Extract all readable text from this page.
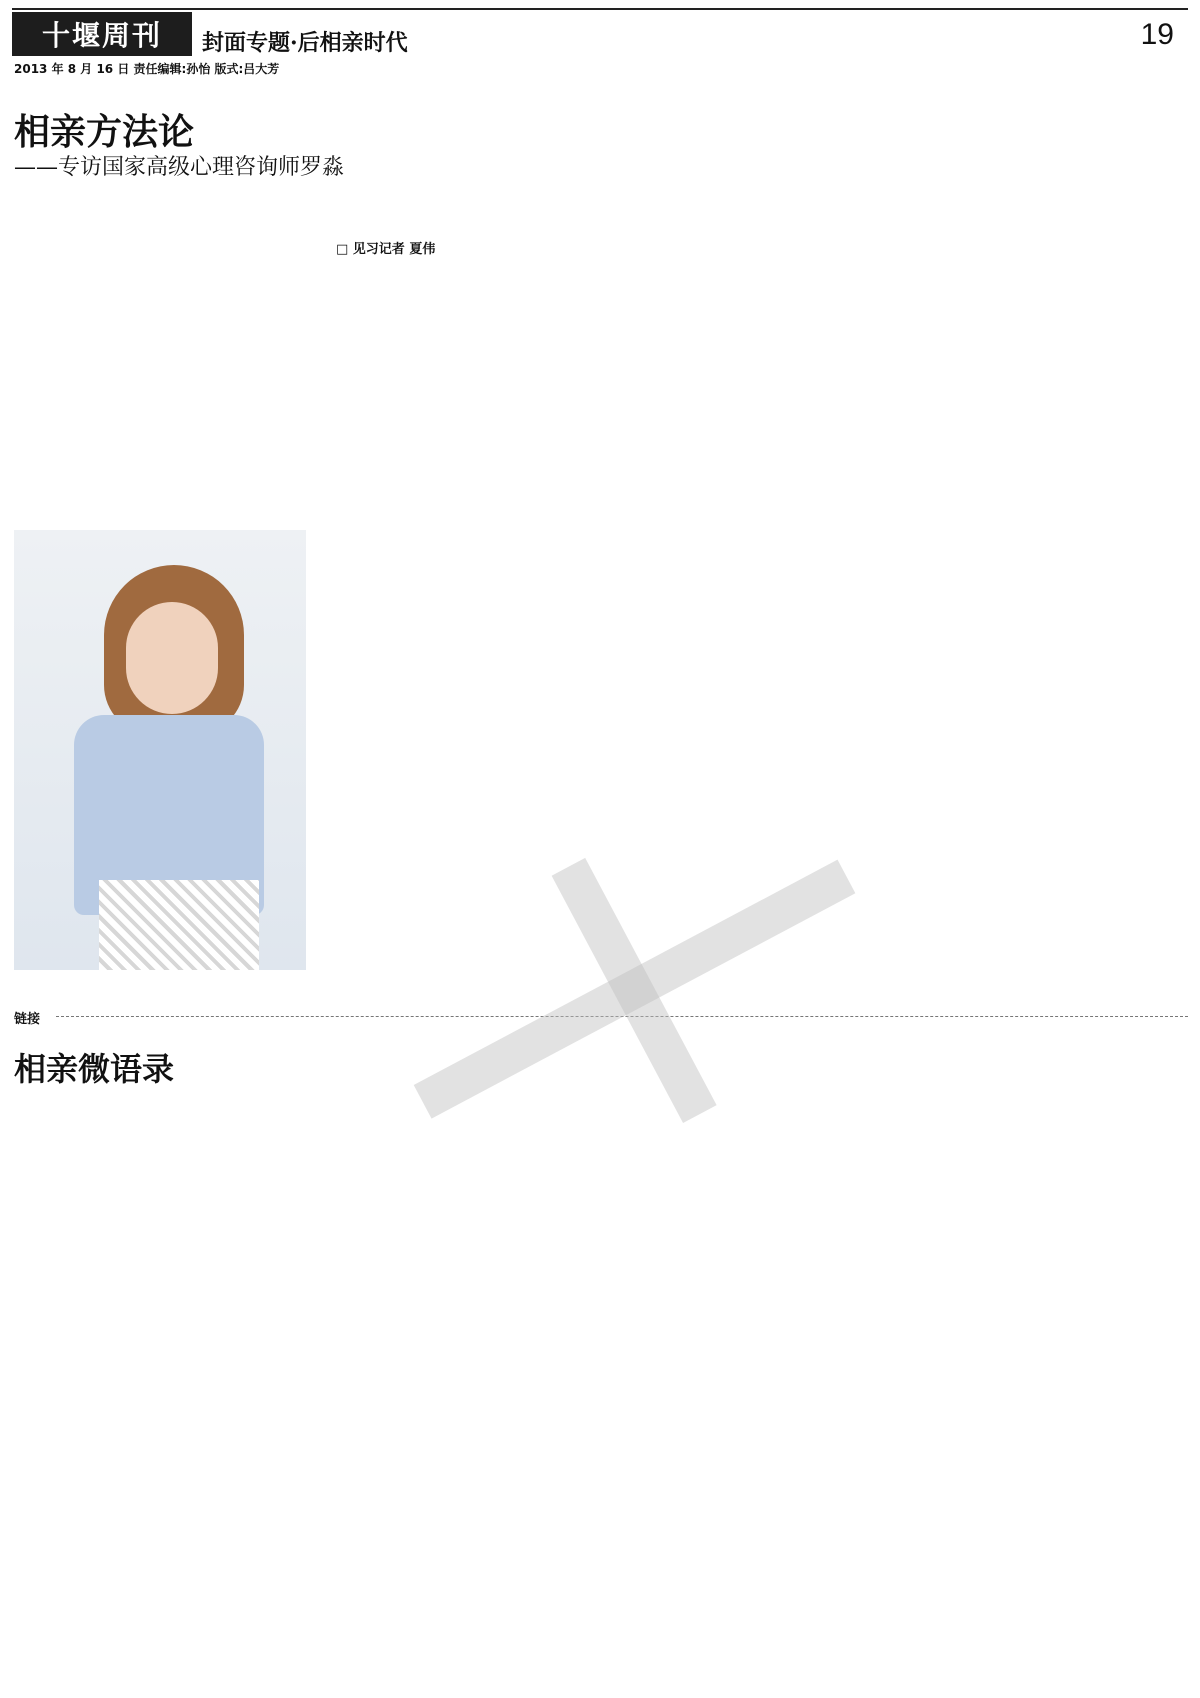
十堰周刊	封面专题·后相亲时代	19
2013 年 8 月 16 日 责任编辑:孙怡 版式:吕大芳
相亲方法论
——专访国家高级心理咨询师罗淼
□ 见习记者 夏伟
链接
相亲微语录
